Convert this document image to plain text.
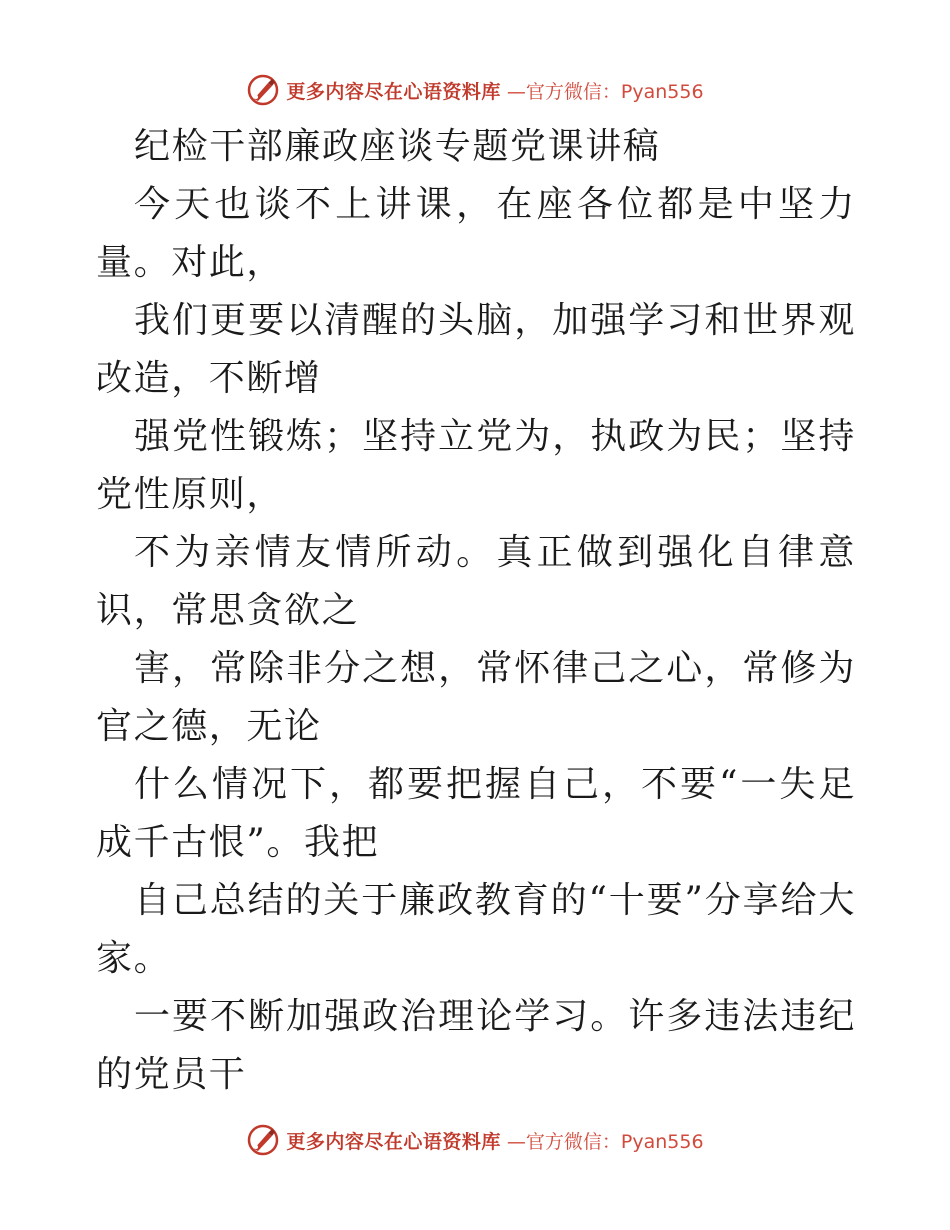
更多内容尽在心语资料库 —官方微信：Pyan556

纪检干部廉政座谈专题党课讲稿

今天也谈不上讲课，在座各位都是中坚力量。对此，

我们更要以清醒的头脑，加强学习和世界观改造，不断增

强党性锻炼；坚持立党为，执政为民；坚持党性原则，

不为亲情友情所动。真正做到强化自律意识，常思贪欲之

害，常除非分之想，常怀律己之心，常修为官之德，无论

什么情况下，都要把握自己，不要“一失足成千古恨”。我把

自己总结的关于廉政教育的“十要”分享给大家。

一要不断加强政治理论学习。许多违法违纪的党员干

更多内容尽在心语资料库 —官方微信：Pyan556
